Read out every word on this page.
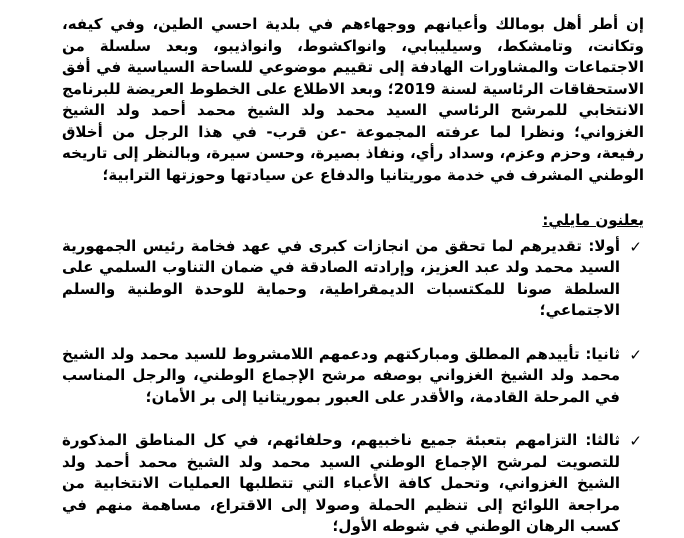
إن أطر أهل بومالك وأعيانهم ووجهاءهم في بلدية احسي الطين، وفي كيفه، وتكانت، وتامشكط، وسيليبابي، وانواكشوط، وانواذيبو، وبعد سلسلة من الاجتماعات والمشاورات الهادفة إلى تقييم موضوعي للساحة السياسية في أفق الاستحقاقات الرئاسية لسنة 2019؛ وبعد الاطلاع على الخطوط العريضة للبرنامج الانتخابي للمرشح الرئاسي السيد محمد ولد الشيخ محمد أحمد ولد الشيخ الغزواني؛ ونظرا لما عرفته المجموعة -عن قرب- في هذا الرجل من أخلاق رفيعة، وحزم وعزم، وسداد رأي، ونفاذ بصيرة، وحسن سيرة، وبالنظر إلى تاريخه الوطني المشرف في خدمة موريتانيا والدفاع عن سيادتها وحوزتها الترابية؛

يعلنون مايلي:
✓

أولا: تقديرهم لما تحقق من انجازات كبرى في عهد فخامة رئيس الجمهورية السيد محمد ولد عبد العزيز، وإرادته الصادقة في ضمان التناوب السلمي على السلطة صونا للمكتسبات الديمقراطية، وحماية للوحدة الوطنية والسلم الاجتماعي؛

✓

ثانيا: تأييدهم المطلق ومباركتهم ودعمهم اللامشروط للسيد محمد ولد الشيخ محمد ولد الشيخ الغزواني بوصفه مرشح الإجماع الوطني، والرجل المناسب في المرحلة القادمة، والأقدر على العبور بموريتانيا إلى بر الأمان؛

✓

ثالثا: التزامهم بتعبئة جميع ناخبيهم، وحلفائهم، في كل المناطق المذكورة للتصويت لمرشح الإجماع الوطني السيد محمد ولد الشيخ محمد أحمد ولد الشيخ الغزواني، وتحمل كافة الأعباء التي تتطلبها العمليات الانتخابية من مراجعة اللوائح إلى تنظيم الحملة وصولا إلى الاقتراع، مساهمة منهم في كسب الرهان الوطني في شوطه الأول؛
